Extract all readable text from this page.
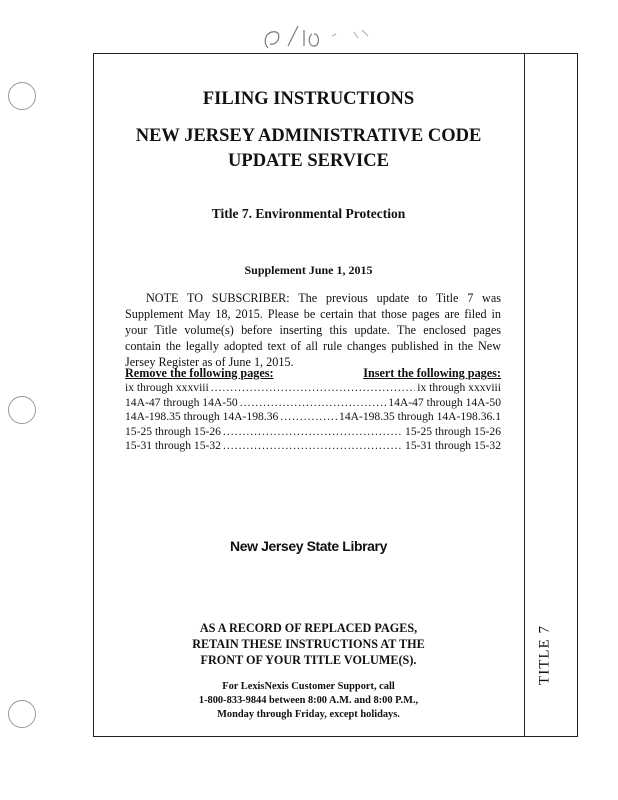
TITLE 7
FILING INSTRUCTIONS
NEW JERSEY ADMINISTRATIVE CODE
UPDATE SERVICE
Title 7. Environmental Protection
Supplement June 1, 2015
NOTE TO SUBSCRIBER: The previous update to Title 7 was Supplement May 18, 2015. Please be certain that those pages are filed in your Title volume(s) before inserting this update. The enclosed pages contain the legally adopted text of all rule changes published in the New Jersey Register as of June 1, 2015.
Remove the following pages:	Insert the following pages:
ix through xxxviii .....	ix through xxxviii
14A-47 through 14A-50 .....	14A-47 through 14A-50
14A-198.35 through 14A-198.36 .....	14A-198.35 through 14A-198.36.1
15-25 through 15-26 .....	15-25 through 15-26
15-31 through 15-32 .....	15-31 through 15-32
New Jersey State Library
AS A RECORD OF REPLACED PAGES,
RETAIN THESE INSTRUCTIONS AT THE
FRONT OF YOUR TITLE VOLUME(S).
For LexisNexis Customer Support, call
1-800-833-9844 between 8:00 A.M. and 8:00 P.M.,
Monday through Friday, except holidays.
